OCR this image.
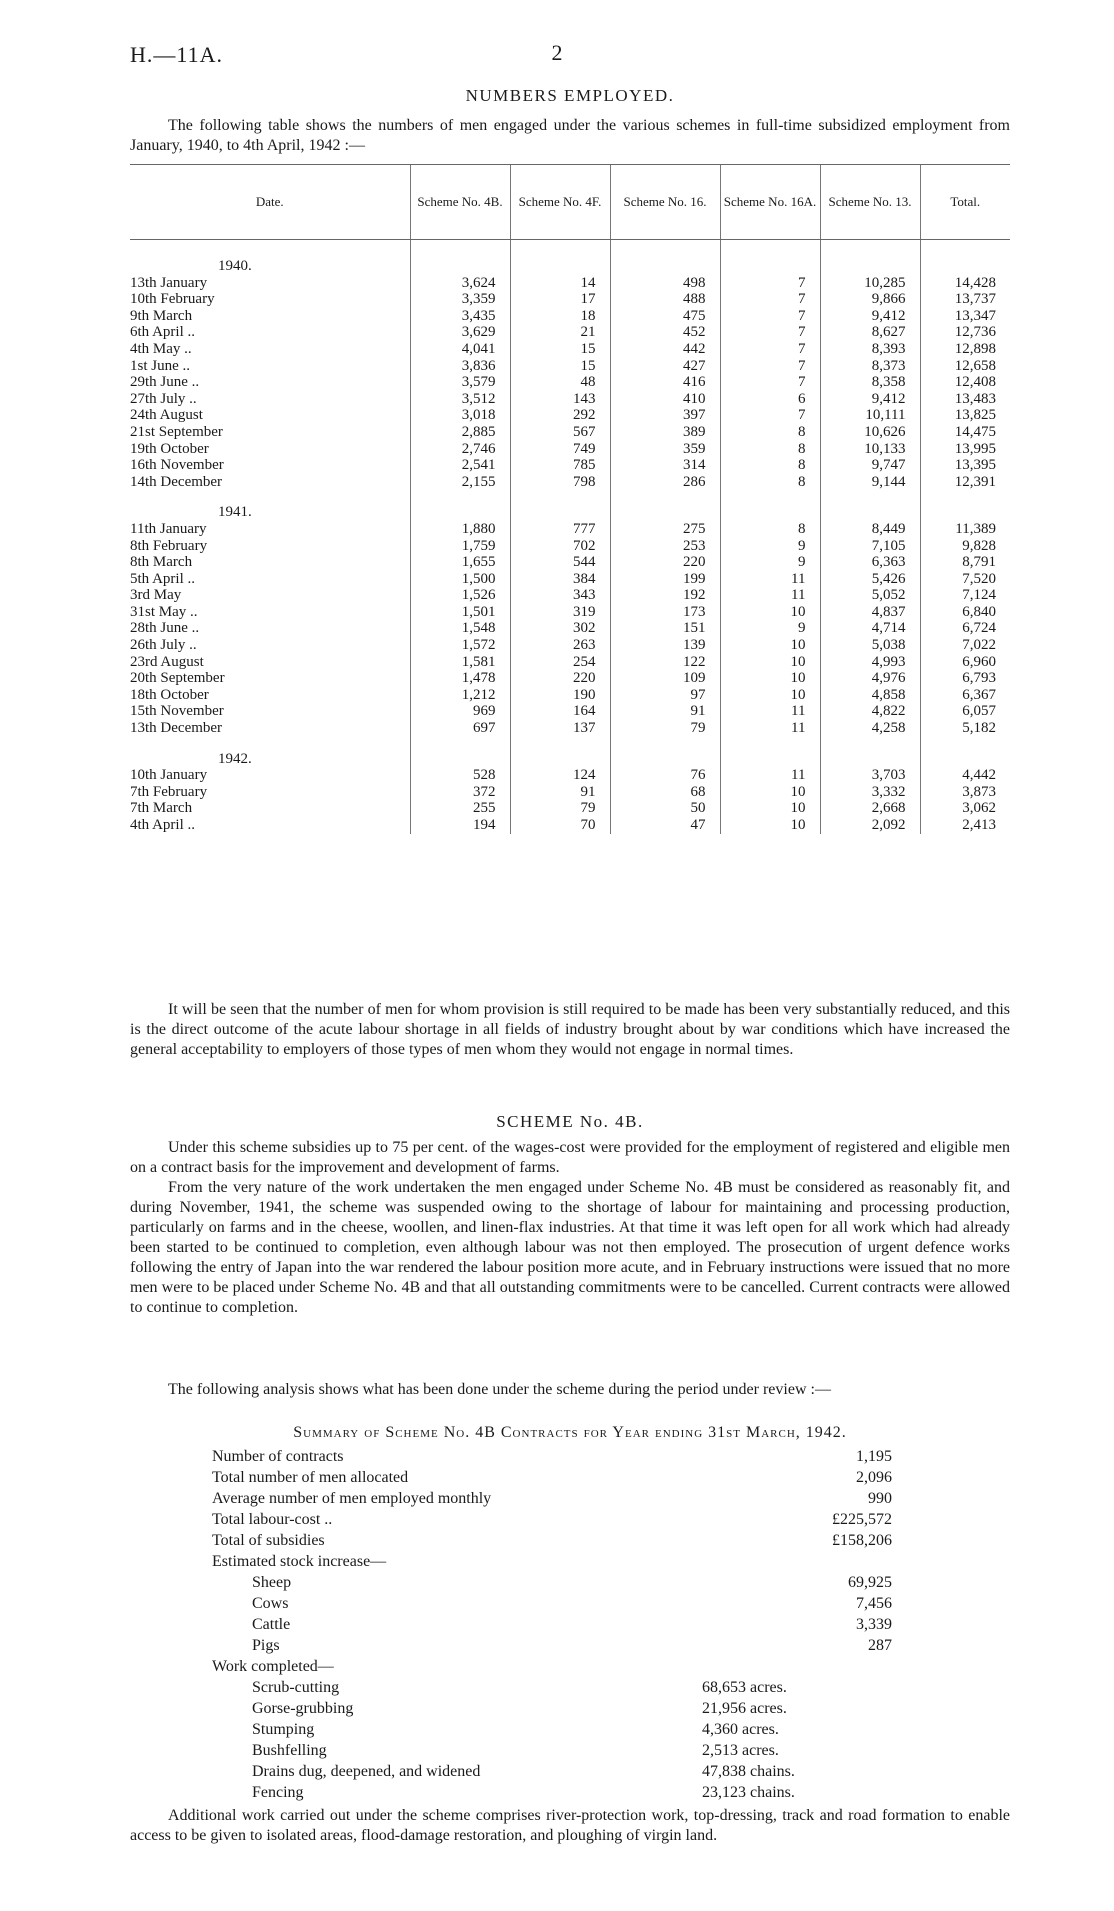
H.—11A.	2
NUMBERS EMPLOYED.
The following table shows the numbers of men engaged under the various schemes in full-time subsidized employment from January, 1940, to 4th April, 1942 :—
Date.	Scheme No. 4B.	Scheme No. 4F.	Scheme No. 16.	Scheme No. 16A.	Scheme No. 13.	Total.
1940.						
13th January	3,624	14	498	7	10,285	14,428
10th February	3,359	17	488	7	9,866	13,737
9th March	3,435	18	475	7	9,412	13,347
6th April ..	3,629	21	452	7	8,627	12,736
4th May ..	4,041	15	442	7	8,393	12,898
1st June ..	3,836	15	427	7	8,373	12,658
29th June ..	3,579	48	416	7	8,358	12,408
27th July ..	3,512	143	410	6	9,412	13,483
24th August	3,018	292	397	7	10,111	13,825
21st September	2,885	567	389	8	10,626	14,475
19th October	2,746	749	359	8	10,133	13,995
16th November	2,541	785	314	8	9,747	13,395
14th December	2,155	798	286	8	9,144	12,391
1941.						
11th January	1,880	777	275	8	8,449	11,389
8th February	1,759	702	253	9	7,105	9,828
8th March	1,655	544	220	9	6,363	8,791
5th April ..	1,500	384	199	11	5,426	7,520
3rd May	1,526	343	192	11	5,052	7,124
31st May ..	1,501	319	173	10	4,837	6,840
28th June ..	1,548	302	151	9	4,714	6,724
26th July ..	1,572	263	139	10	5,038	7,022
23rd August	1,581	254	122	10	4,993	6,960
20th September	1,478	220	109	10	4,976	6,793
18th October	1,212	190	97	10	4,858	6,367
15th November	969	164	91	11	4,822	6,057
13th December	697	137	79	11	4,258	5,182
1942.						
10th January	528	124	76	11	3,703	4,442
7th February	372	91	68	10	3,332	3,873
7th March	255	79	50	10	2,668	3,062
4th April ..	194	70	47	10	2,092	2,413
It will be seen that the number of men for whom provision is still required to be made has been very substantially reduced, and this is the direct outcome of the acute labour shortage in all fields of industry brought about by war conditions which have increased the general acceptability to employers of those types of men whom they would not engage in normal times.
SCHEME No. 4B.
Under this scheme subsidies up to 75 per cent. of the wages-cost were provided for the employment of registered and eligible men on a contract basis for the improvement and development of farms.
From the very nature of the work undertaken the men engaged under Scheme No. 4B must be considered as reasonably fit, and during November, 1941, the scheme was suspended owing to the shortage of labour for maintaining and processing production, particularly on farms and in the cheese, woollen, and linen-flax industries. At that time it was left open for all work which had already been started to be continued to completion, even although labour was not then employed. The prosecution of urgent defence works following the entry of Japan into the war rendered the labour position more acute, and in February instructions were issued that no more men were to be placed under Scheme No. 4B and that all outstanding commitments were to be cancelled. Current contracts were allowed to continue to completion.
The following analysis shows what has been done under the scheme during the period under review :—
Summary of Scheme No. 4B Contracts for Year ending 31st March, 1942.
Number of contracts	1,195
Total number of men allocated	2,096
Average number of men employed monthly	990
Total labour-cost ..	£225,572
Total of subsidies	£158,206
Estimated stock increase—	
Sheep	69,925
Cows	7,456
Cattle	3,339
Pigs	287
Work completed—	
Scrub-cutting	68,653 acres.
Gorse-grubbing	21,956 acres.
Stumping	4,360 acres.
Bushfelling	2,513 acres.
Drains dug, deepened, and widened	47,838 chains.
Fencing	23,123 chains.
Additional work carried out under the scheme comprises river-protection work, top-dressing, track and road formation to enable access to be given to isolated areas, flood-damage restoration, and ploughing of virgin land.
